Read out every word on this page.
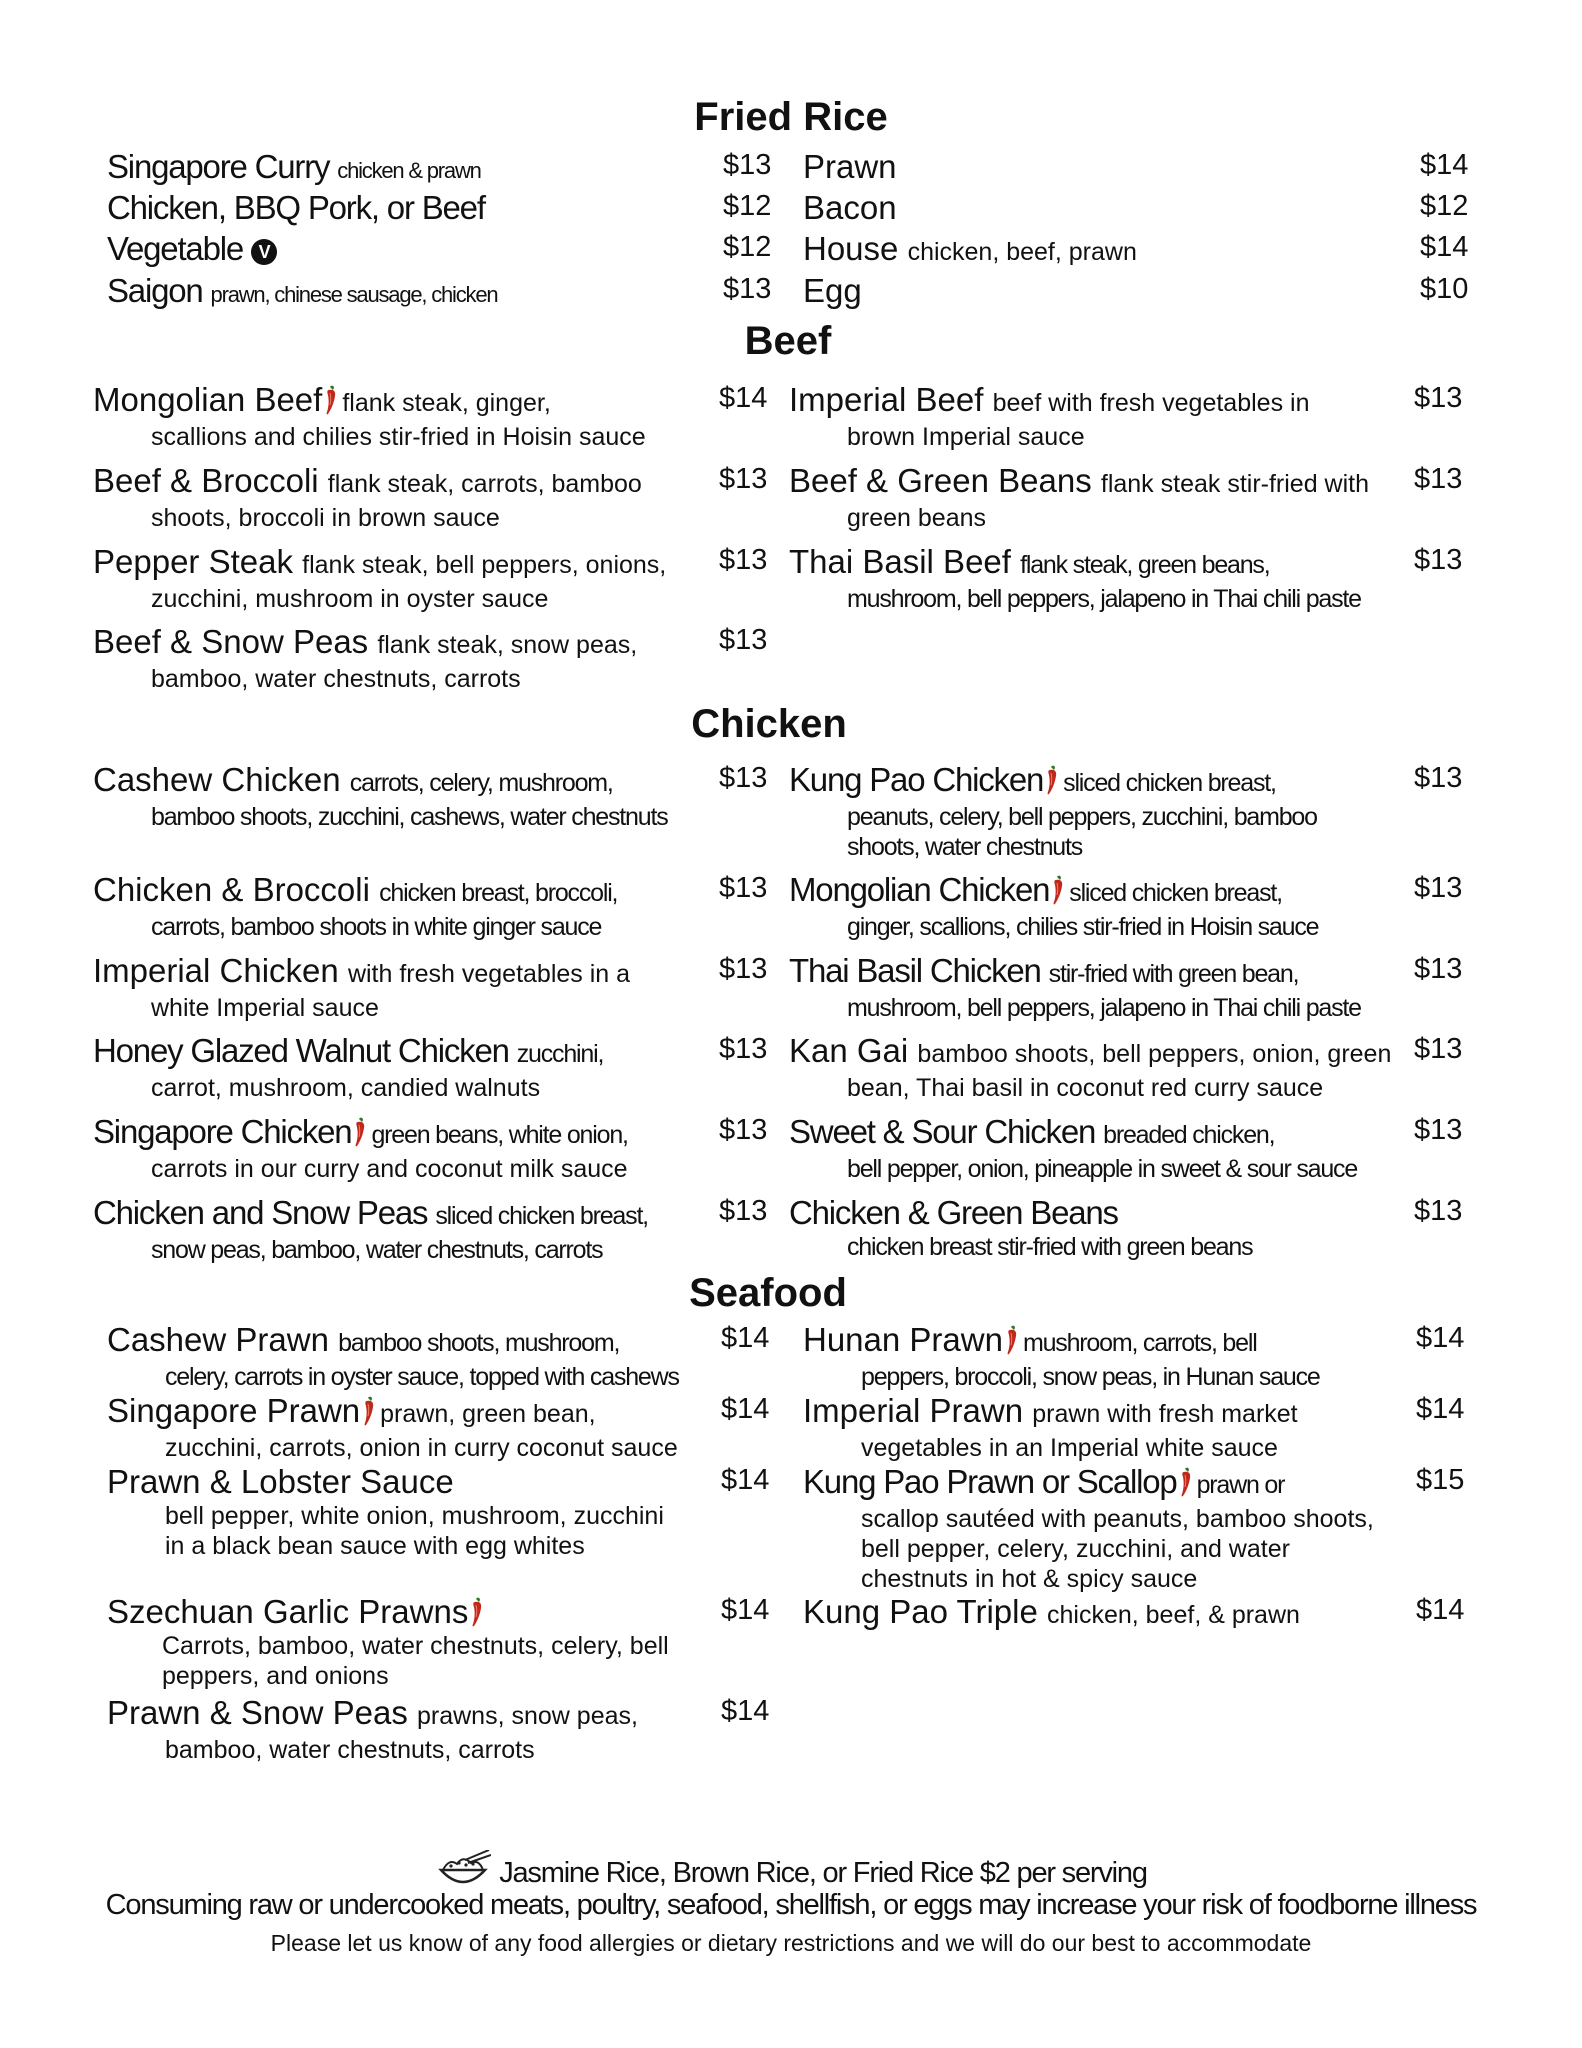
Fried Rice
Singapore Curry chicken & prawn	$13
Chicken, BBQ Pork, or Beef	$12
Vegetable V	$12
Saigon prawn, chinese sausage, chicken	$13
Prawn	$14
Bacon	$12
House chicken, beef, prawn	$14
Egg	$10
Beef
Mongolian Beef flank steak, ginger,
scallions and chilies stir-fried in Hoisin sauce
$14
Beef & Broccoli flank steak, carrots, bamboo
shoots, broccoli in brown sauce
$13
Pepper Steak flank steak, bell peppers, onions,
zucchini, mushroom in oyster sauce
$13
Beef & Snow Peas flank steak, snow peas,
bamboo, water chestnuts, carrots
$13
Imperial Beef beef with fresh vegetables in
brown Imperial sauce
$13
Beef & Green Beans flank steak stir-fried with
green beans
$13
Thai Basil Beef flank steak, green beans,
mushroom, bell peppers, jalapeno in Thai chili paste
$13
Chicken
Cashew Chicken carrots, celery, mushroom,
bamboo shoots, zucchini, cashews, water chestnuts
$13
Chicken & Broccoli chicken breast, broccoli,
carrots, bamboo shoots in white ginger sauce
$13
Imperial Chicken with fresh vegetables in a
white Imperial sauce
$13
Honey Glazed Walnut Chicken zucchini,
carrot, mushroom, candied walnuts
$13
Singapore Chicken green beans, white onion,
carrots in our curry and coconut milk sauce
$13
Chicken and Snow Peas sliced chicken breast,
snow peas, bamboo, water chestnuts, carrots
$13
Kung Pao Chicken sliced chicken breast,
peanuts, celery, bell peppers, zucchini, bamboo
shoots, water chestnuts
$13
Mongolian Chicken sliced chicken breast,
ginger, scallions, chilies stir-fried in Hoisin sauce
$13
Thai Basil Chicken stir-fried with green bean,
mushroom, bell peppers, jalapeno in Thai chili paste
$13
Kan Gai bamboo shoots, bell peppers, onion, green
bean, Thai basil in coconut red curry sauce
$13
Sweet & Sour Chicken breaded chicken,
bell pepper, onion, pineapple in sweet & sour sauce
$13
Chicken & Green Beans
chicken breast stir-fried with green beans
$13
Seafood
Cashew Prawn bamboo shoots, mushroom,
celery, carrots in oyster sauce, topped with cashews
$14
Singapore Prawn prawn, green bean,
zucchini, carrots, onion in curry coconut sauce
$14
Prawn & Lobster Sauce
bell pepper, white onion, mushroom, zucchini
in a black bean sauce with egg whites
$14
Szechuan Garlic Prawns
Carrots, bamboo, water chestnuts, celery, bell
peppers, and onions
$14
Prawn & Snow Peas prawns, snow peas,
bamboo, water chestnuts, carrots
$14
Hunan Prawn mushroom, carrots, bell
peppers, broccoli, snow peas, in Hunan sauce
$14
Imperial Prawn prawn with fresh market
vegetables in an Imperial white sauce
$14
Kung Pao Prawn or Scallop prawn or
scallop sautéed with peanuts, bamboo shoots,
bell pepper, celery, zucchini, and water
chestnuts in hot & spicy sauce
$15
Kung Pao Triple chicken, beef, & prawn	$14
Jasmine Rice, Brown Rice, or Fried Rice $2 per serving
Consuming raw or undercooked meats, poultry, seafood, shellfish, or eggs may increase your risk of foodborne illness
Please let us know of any food allergies or dietary restrictions and we will do our best to accommodate
